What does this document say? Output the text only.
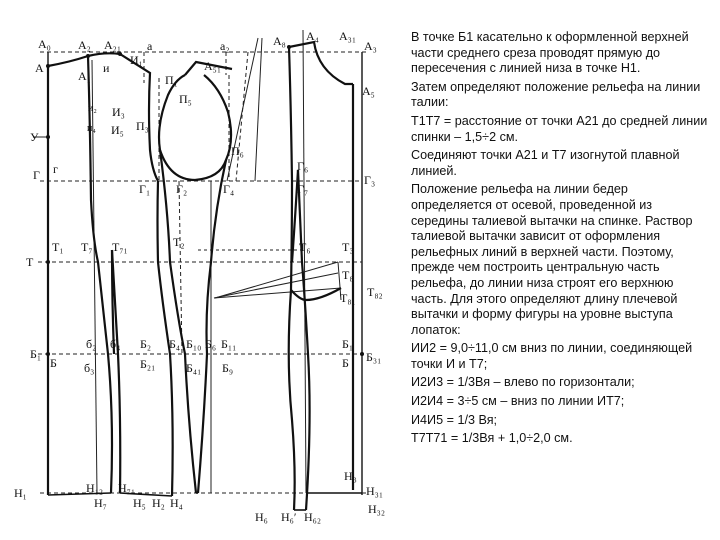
А₀ А₂ А₂₁ а	а₂	А₈ А₄ А₃₁
А₃
А
А₁
и
И₁	А₅₁
А₅
П₁
П₅
У
и₂ И₃
и₄ И₅ П₃
П₆
Г₆
Г г
Г₁ Г₂	Г₄	Г₇
Г₃
Т₂
Т₁ Т₇ Т₇₁	Т₆	Т₃
Т
Т₈
Т₈₁ Т₈₂
б₂ б₄ Б₂ Б₄ Б₁₀ Б₆ Б₁₁	Б₁
Б₁	Б₃₁
Б	Б
б₃	Б₂₁	Б₄₁ Б₉
Н₃
Н₁	Н₁₂ Н₇₁	Н₃₁
Н₇ Н₅ Н₂ Н₄
Н₆ Н₆′ Н₆₂
Н₃₂

В точке Б1 касательно к оформленной верхней части среднего среза проводят прямую до пересечения с линией низа в точке Н1.

Затем определяют положение рельефа на линии талии:

Т1Т7 = расстояние от точки А21 до средней линии спинки – 1,5÷2 см.

Соединяют точки А21 и Т7 изогнутой плавной линией.

Положение рельефа на линии бедер определяется от осевой, проведенной из середины талиевой вытачки на спинке. Раствор талиевой вытачки зависит от оформления рельефных линий в верхней части. Поэтому, прежде чем построить центральную часть рельефа, до линии низа строят его верхнюю часть. Для этого определяют длину плечевой вытачки и форму фигуры на уровне выступа лопаток:

ИИ2 = 9,0÷11,0 см вниз по линии, соединяющей точки И и Т7;

И2И3 = 1/3Вя – влево по горизонтали;

И2И4 = 3÷5 см – вниз по линии ИТ7;

И4И5 = 1/3 Вя;

Т7Т71 = 1/3Вя + 1,0÷2,0 см.
